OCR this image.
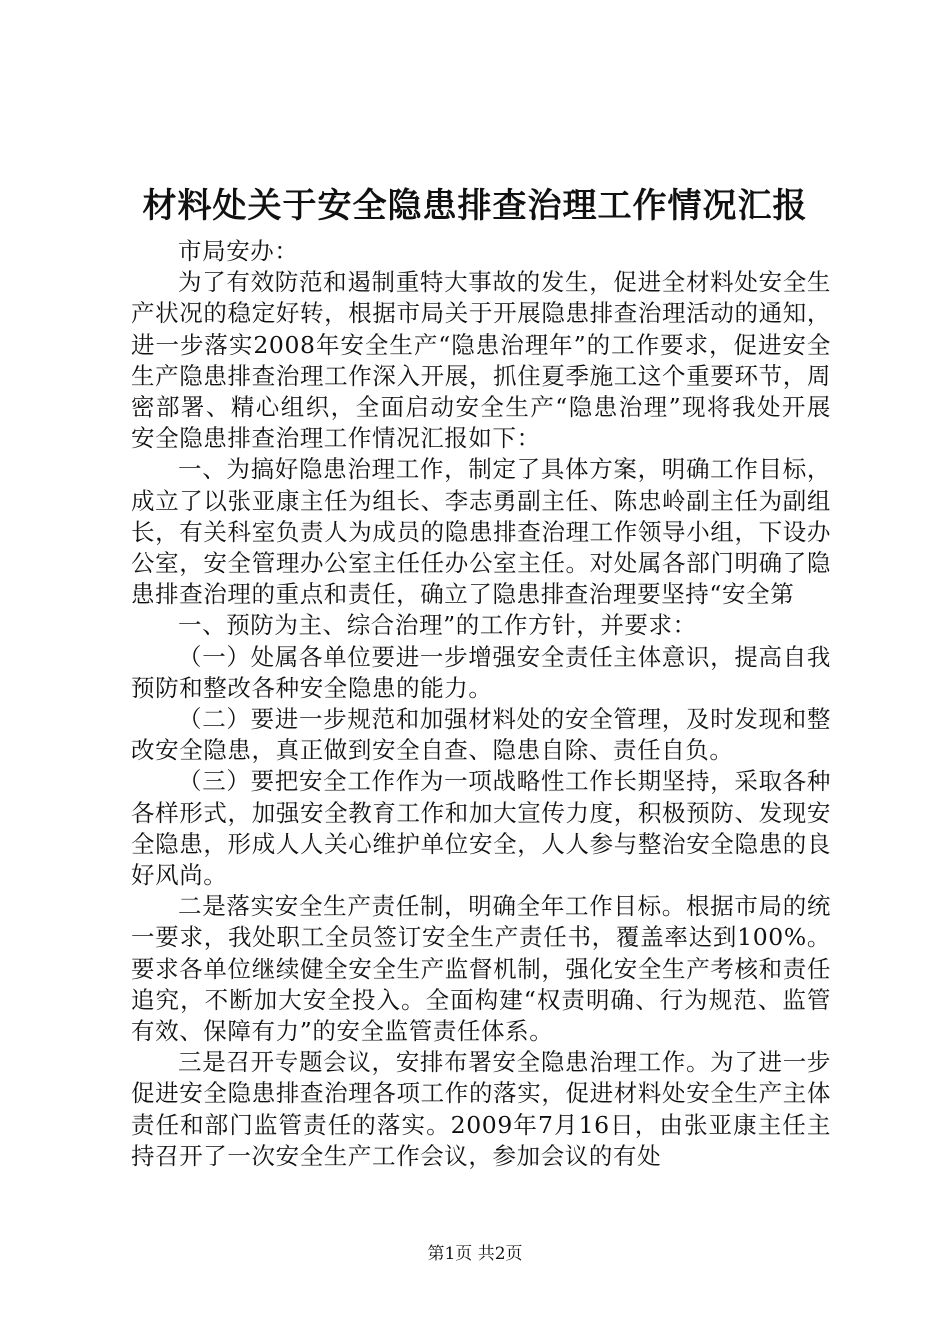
材料处关于安全隐患排查治理工作情况汇报

市局安办：

为了有效防范和遏制重特大事故的发生，促进全材料处安全生产状况的稳定好转，根据市局关于开展隐患排查治理活动的通知，进一步落实2008年安全生产“隐患治理年”的工作要求，促进安全生产隐患排查治理工作深入开展，抓住夏季施工这个重要环节，周密部署、精心组织，全面启动安全生产“隐患治理”现将我处开展安全隐患排查治理工作情况汇报如下：

一、为搞好隐患治理工作，制定了具体方案，明确工作目标，成立了以张亚康主任为组长、李志勇副主任、陈忠岭副主任为副组长，有关科室负责人为成员的隐患排查治理工作领导小组，下设办公室，安全管理办公室主任任办公室主任。对处属各部门明确了隐患排查治理的重点和责任，确立了隐患排查治理要坚持“安全第

一、预防为主、综合治理”的工作方针，并要求：

（一）处属各单位要进一步增强安全责任主体意识，提高自我预防和整改各种安全隐患的能力。

（二）要进一步规范和加强材料处的安全管理，及时发现和整改安全隐患，真正做到安全自查、隐患自除、责任自负。

（三）要把安全工作作为一项战略性工作长期坚持，采取各种各样形式，加强安全教育工作和加大宣传力度，积极预防、发现安全隐患，形成人人关心维护单位安全，人人参与整治安全隐患的良好风尚。

二是落实安全生产责任制，明确全年工作目标。根据市局的统一要求，我处职工全员签订安全生产责任书，覆盖率达到100%。要求各单位继续健全安全生产监督机制，强化安全生产考核和责任追究，不断加大安全投入。全面构建“权责明确、行为规范、监管有效、保障有力”的安全监管责任体系。

三是召开专题会议，安排布署安全隐患治理工作。为了进一步促进安全隐患排查治理各项工作的落实，促进材料处安全生产主体责任和部门监管责任的落实。2009年7月16日，由张亚康主任主持召开了一次安全生产工作会议，参加会议的有处

第1页 共2页
